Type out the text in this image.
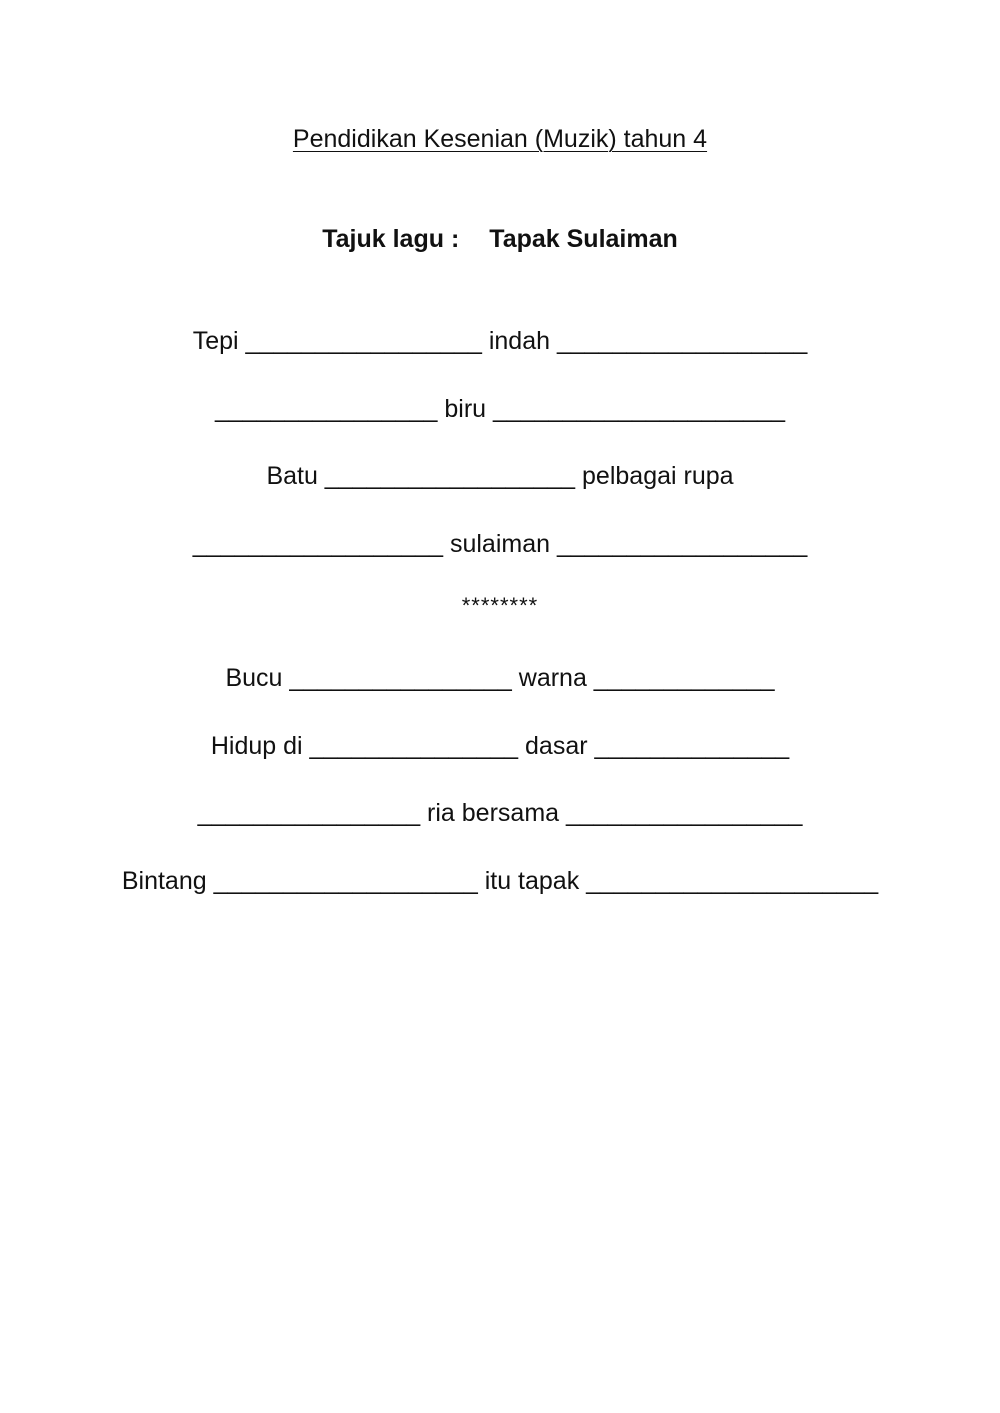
Pendidikan Kesenian (Muzik) tahun 4
Tajuk lagu : Tapak Sulaiman
Tepi _________________ indah __________________
________________ biru _____________________
Batu __________________ pelbagai rupa
__________________ sulaiman __________________
********
Bucu ________________ warna _____________
Hidup di _______________ dasar ______________
________________ ria bersama _________________
Bintang ___________________ itu tapak _____________________
